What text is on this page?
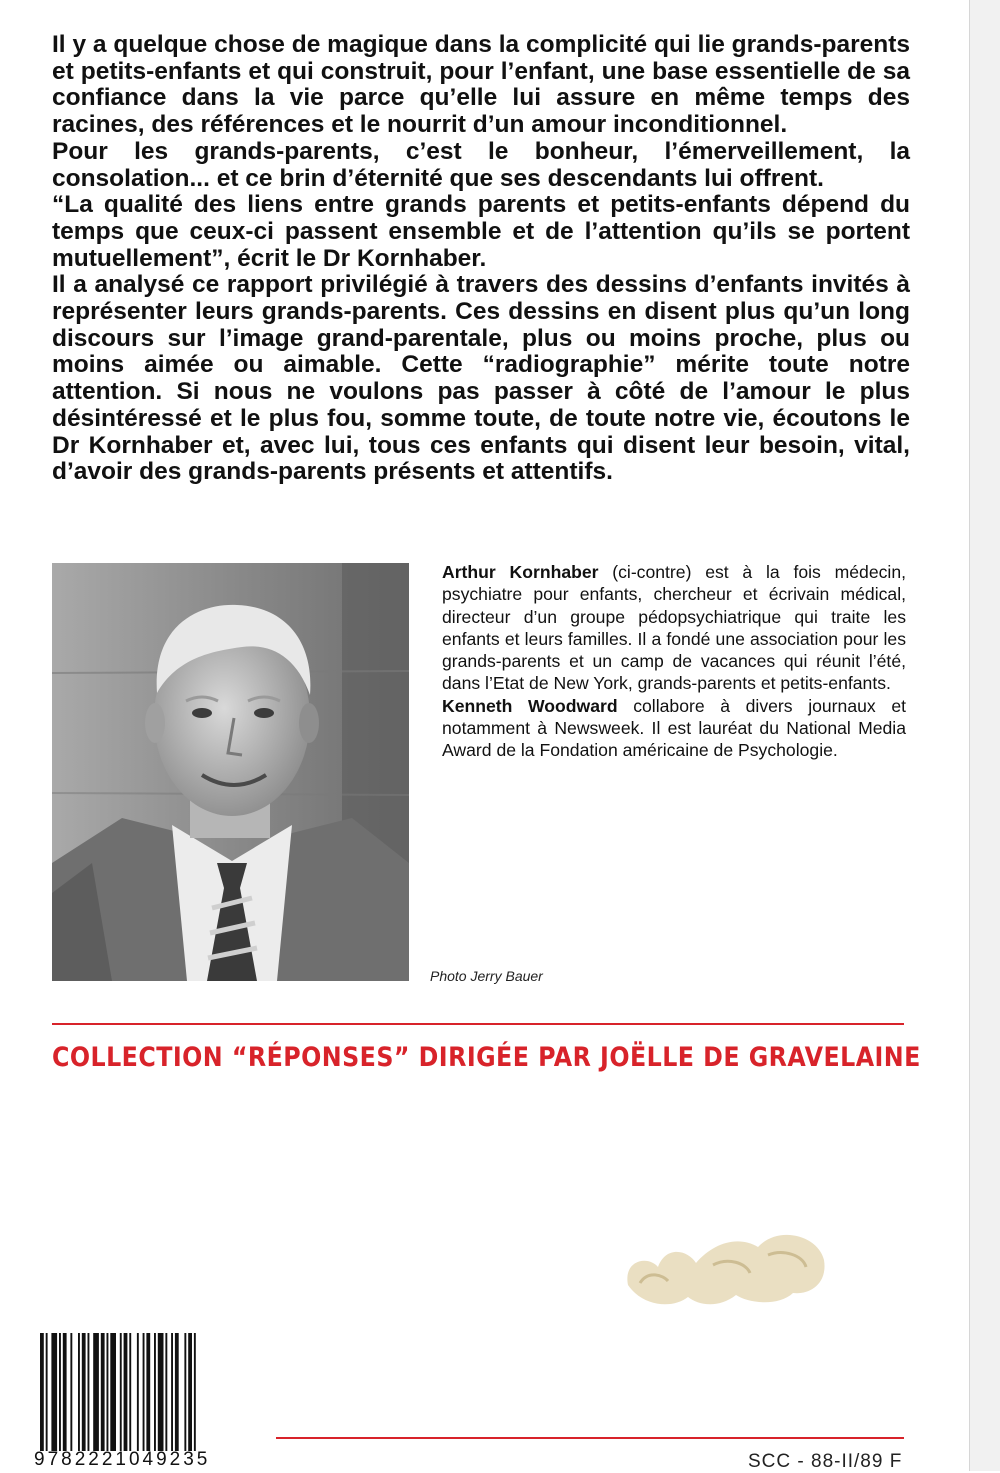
Il y a quelque chose de magique dans la complicité qui lie grands-parents et petits-enfants et qui construit, pour l’enfant, une base essentielle de sa confiance dans la vie parce qu’elle lui assure en même temps des racines, des références et le nourrit d’un amour inconditionnel.

Pour les grands-parents, c’est le bonheur, l’émerveillement, la consolation... et ce brin d’éternité que ses descendants lui offrent.

“La qualité des liens entre grands parents et petits-enfants dépend du temps que ceux-ci passent ensemble et de l’attention qu’ils se portent mutuellement”, écrit le Dr Kornhaber.

Il a analysé ce rapport privilégié à travers des dessins d’enfants invités à représenter leurs grands-parents. Ces dessins en disent plus qu’un long discours sur l’image grand-parentale, plus ou moins proche, plus ou moins aimée ou aimable. Cette “radiographie” mérite toute notre attention. Si nous ne voulons pas passer à côté de l’amour le plus désintéressé et le plus fou, somme toute, de toute notre vie, écoutons le Dr Kornhaber et, avec lui, tous ces enfants qui disent leur besoin, vital, d’avoir des grands-parents présents et attentifs.

Arthur Kornhaber (ci-contre) est à la fois médecin, psychiatre pour enfants, chercheur et écrivain médical, directeur d’un groupe pédopsychiatrique qui traite les enfants et leurs familles. Il a fondé une association pour les grands-parents et un camp de vacances qui réunit l’été, dans l’Etat de New York, grands-parents et petits-enfants.

Kenneth Woodward collabore à divers journaux et notamment à Newsweek. Il est lauréat du National Media Award de la Fondation américaine de Psychologie.

Photo Jerry Bauer
COLLECTION “RÉPONSES” DIRIGÉE PAR JOËLLE DE GRAVELAINE
9782221049235	SCC - 88-II/89 F
